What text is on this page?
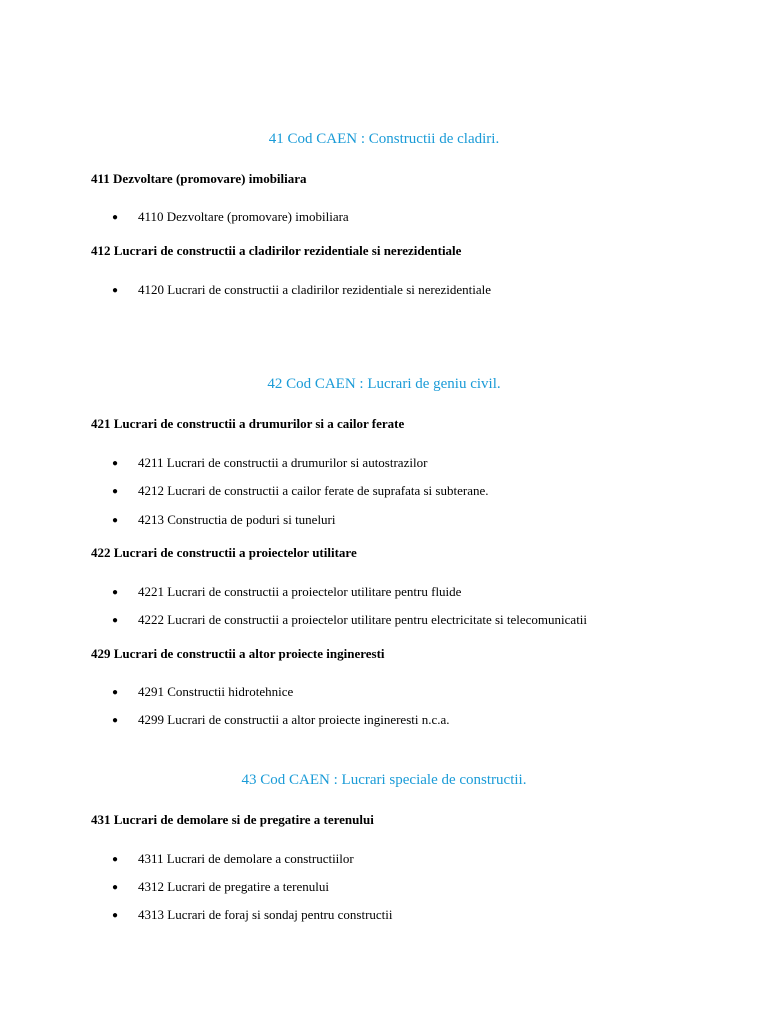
41 Cod CAEN : Constructii de cladiri.
411 Dezvoltare (promovare) imobiliara
● 4110 Dezvoltare (promovare) imobiliara
412 Lucrari de constructii a cladirilor rezidentiale si nerezidentiale
● 4120 Lucrari de constructii a cladirilor rezidentiale si nerezidentiale
42 Cod CAEN : Lucrari de geniu civil.
421 Lucrari de constructii a drumurilor si a cailor ferate
● 4211 Lucrari de constructii a drumurilor si autostrazilor
● 4212 Lucrari de constructii a cailor ferate de suprafata si subterane.
● 4213 Constructia de poduri si tuneluri
422 Lucrari de constructii a proiectelor utilitare
● 4221 Lucrari de constructii a proiectelor utilitare pentru fluide
● 4222 Lucrari de constructii a proiectelor utilitare pentru electricitate si telecomunicatii
429 Lucrari de constructii a altor proiecte ingineresti
● 4291 Constructii hidrotehnice
● 4299 Lucrari de constructii a altor proiecte ingineresti n.c.a.
43 Cod CAEN : Lucrari speciale de constructii.
431 Lucrari de demolare si de pregatire a terenului
● 4311 Lucrari de demolare a constructiilor
● 4312 Lucrari de pregatire a terenului
● 4313 Lucrari de foraj si sondaj pentru constructii
